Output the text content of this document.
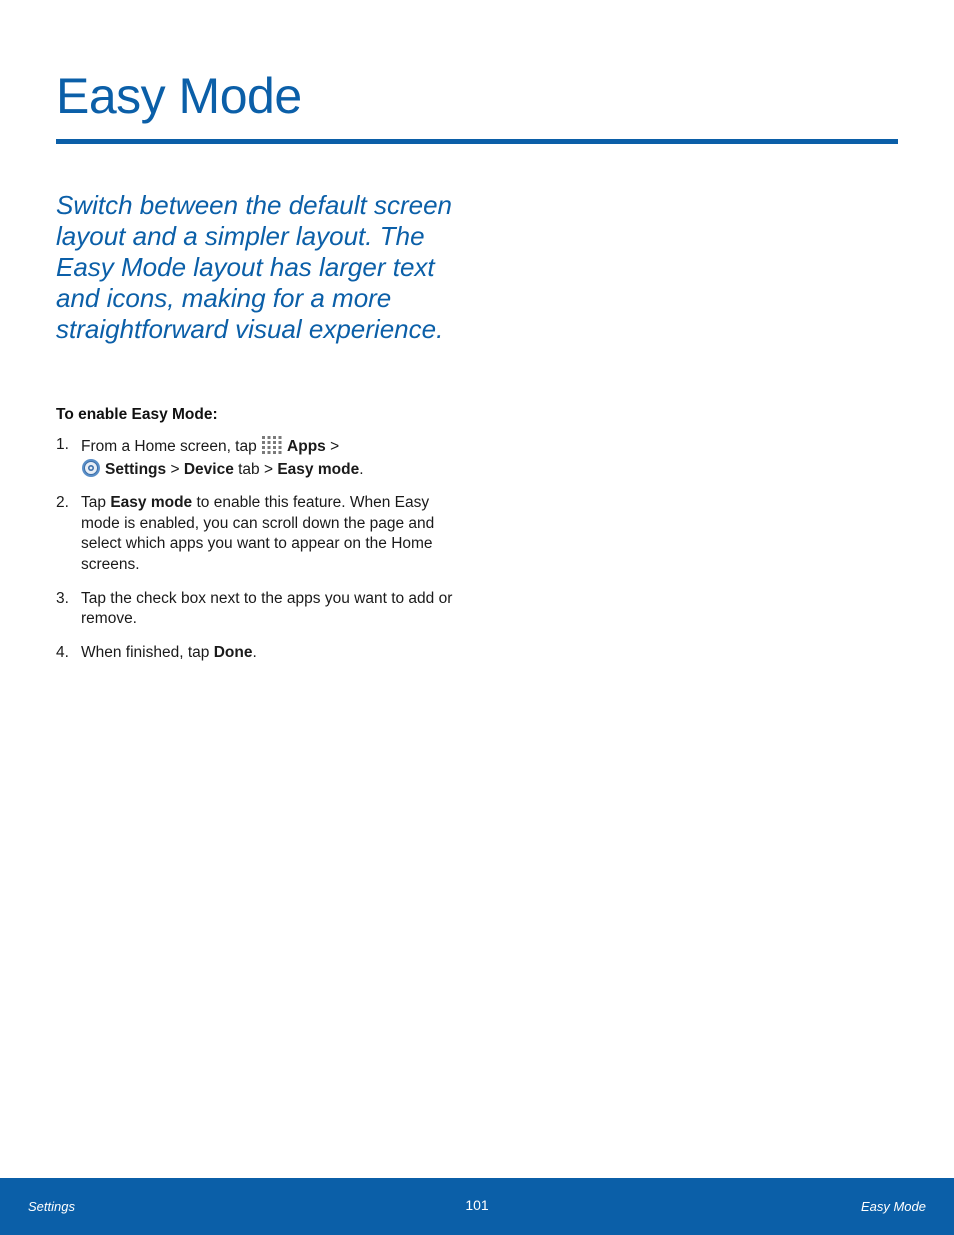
Easy Mode

Switch between the default screen layout and a simpler layout. The Easy Mode layout has larger text and icons, making for a more straightforward visual experience.

To enable Easy Mode:
1. From a Home screen, tap Apps >
Settings > Device tab > Easy mode.
2. Tap Easy mode to enable this feature. When Easy mode is enabled, you can scroll down the page and select which apps you want to appear on the Home screens.
3. Tap the check box next to the apps you want to add or remove.
4. When finished, tap Done.
Settings	101	Easy Mode
